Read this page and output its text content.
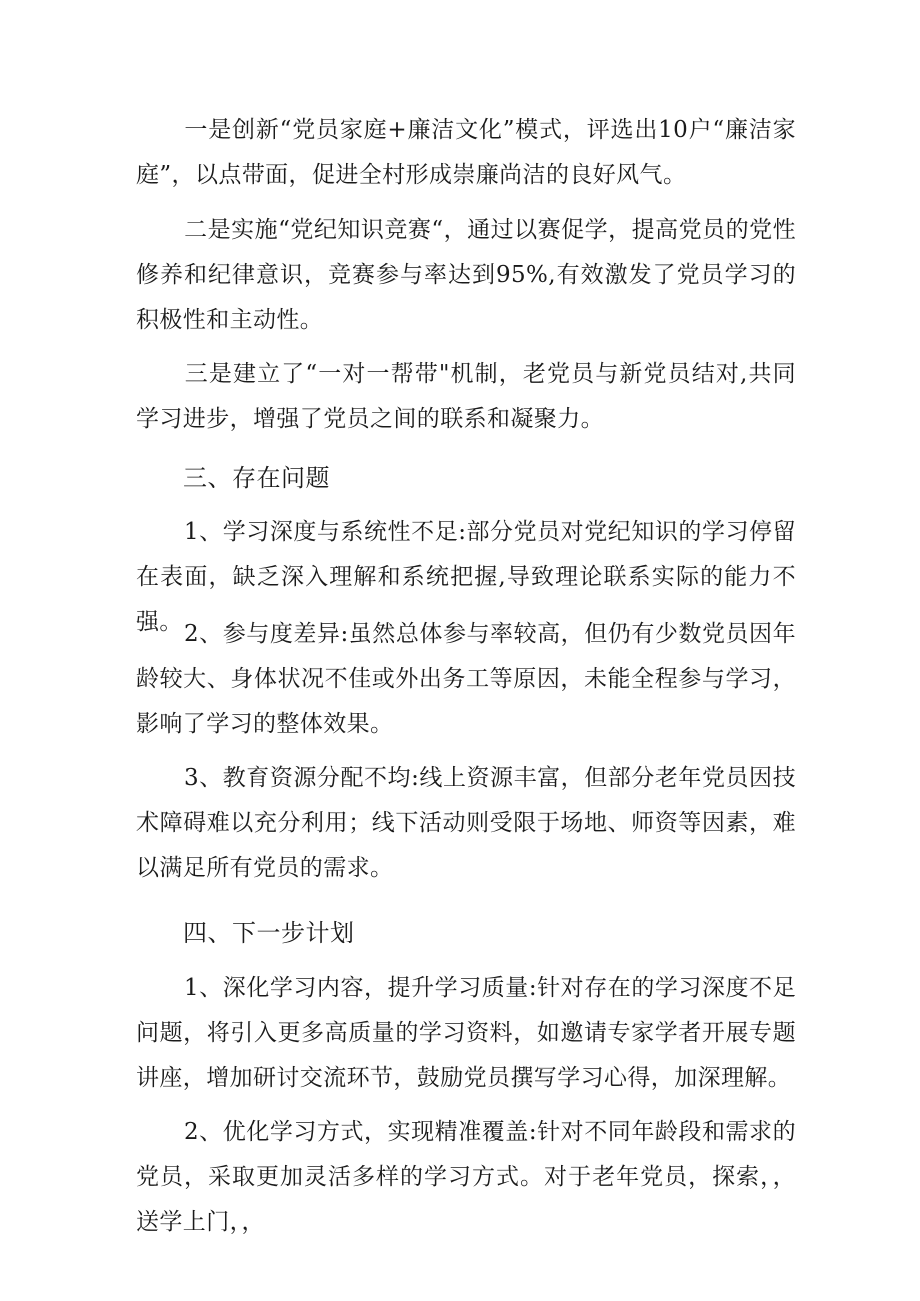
一是创新“党员家庭+廉洁文化”模式，评选出10户“廉洁家庭”，以点带面，促进全村形成崇廉尚洁的良好风气。

二是实施“党纪知识竞赛“，通过以赛促学，提高党员的党性修养和纪律意识，竞赛参与率达到95%,有效激发了党员学习的积极性和主动性。

三是建立了“一对一帮带"机制，老党员与新党员结对,共同学习进步，增强了党员之间的联系和凝聚力。

三、存在问题

1、学习深度与系统性不足:部分党员对党纪知识的学习停留在表面，缺乏深入理解和系统把握,导致理论联系实际的能力不强。 2、参与度差异:虽然总体参与率较高，但仍有少数党员因年龄较大、身体状况不佳或外出务工等原因，未能全程参与学习，影响了学习的整体效果。

3、教育资源分配不均:线上资源丰富，但部分老年党员因技术障碍难以充分利用；线下活动则受限于场地、师资等因素，难以满足所有党员的需求。

四、下一步计划

1、深化学习内容，提升学习质量:针对存在的学习深度不足问题，将引入更多高质量的学习资料，如邀请专家学者开展专题讲座，增加研讨交流环节，鼓励党员撰写学习心得，加深理解。

2、优化学习方式，实现精准覆盖:针对不同年龄段和需求的党员，采取更加灵活多样的学习方式。对于老年党员，探索，，送学上门，，
